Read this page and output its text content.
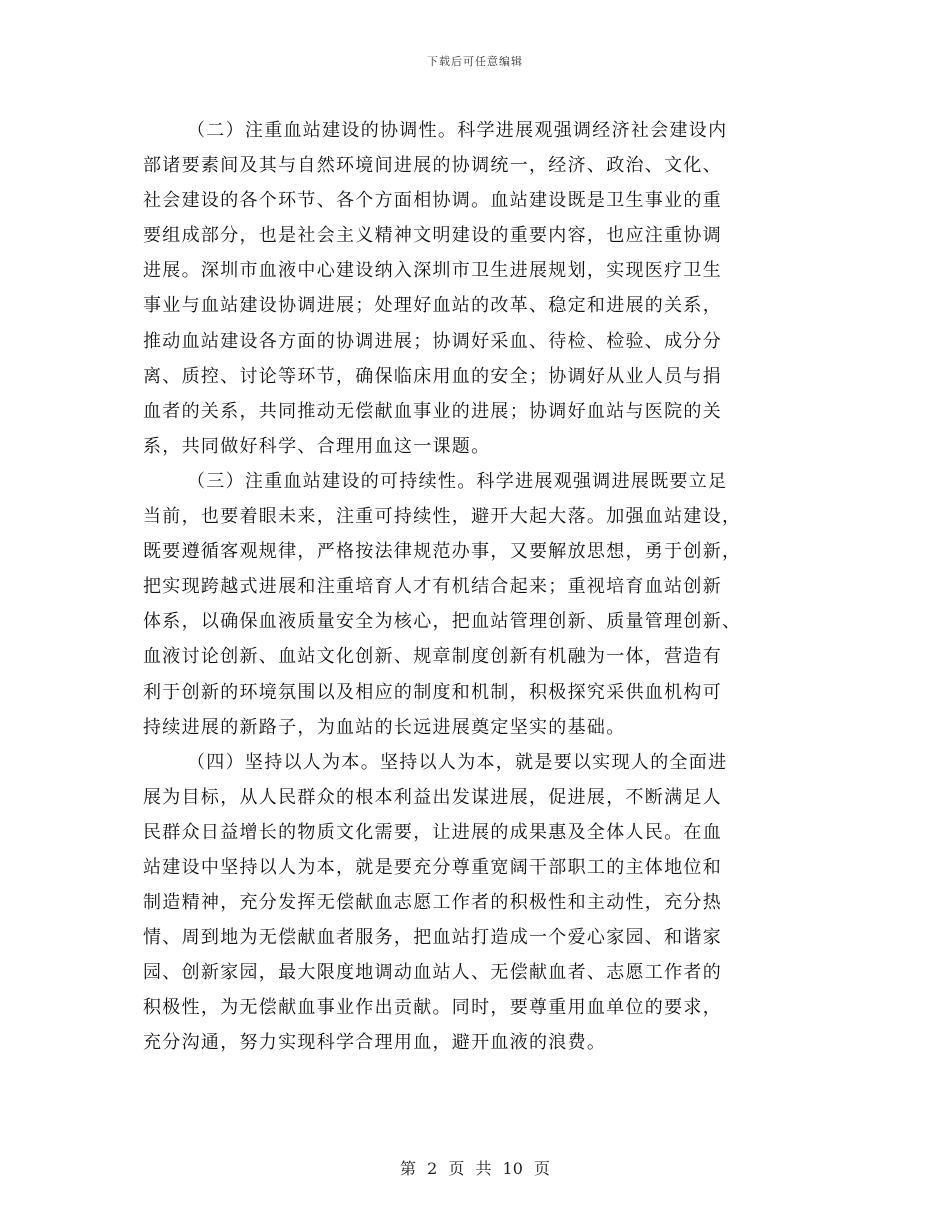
下载后可任意编辑
（二）注重血站建设的协调性。科学进展观强调经济社会建设内
部诸要素间及其与自然环境间进展的协调统一，经济、政治、文化、
社会建设的各个环节、各个方面相协调。血站建设既是卫生事业的重
要组成部分，也是社会主义精神文明建设的重要内容，也应注重协调
进展。深圳市血液中心建设纳入深圳市卫生进展规划，实现医疗卫生
事业与血站建设协调进展；处理好血站的改革、稳定和进展的关系，
推动血站建设各方面的协调进展；协调好采血、待检、检验、成分分
离、质控、讨论等环节，确保临床用血的安全；协调好从业人员与捐
血者的关系，共同推动无偿献血事业的进展；协调好血站与医院的关
系，共同做好科学、合理用血这一课题。
（三）注重血站建设的可持续性。科学进展观强调进展既要立足
当前，也要着眼未来，注重可持续性，避开大起大落。加强血站建设，
既要遵循客观规律，严格按法律规范办事，又要解放思想，勇于创新，
把实现跨越式进展和注重培育人才有机结合起来；重视培育血站创新
体系，以确保血液质量安全为核心，把血站管理创新、质量管理创新、
血液讨论创新、血站文化创新、规章制度创新有机融为一体，营造有
利于创新的环境氛围以及相应的制度和机制，积极探究采供血机构可
持续进展的新路子，为血站的长远进展奠定坚实的基础。
（四）坚持以人为本。坚持以人为本，就是要以实现人的全面进
展为目标，从人民群众的根本利益出发谋进展，促进展，不断满足人
民群众日益增长的物质文化需要，让进展的成果惠及全体人民。在血
站建设中坚持以人为本，就是要充分尊重宽阔干部职工的主体地位和
制造精神，充分发挥无偿献血志愿工作者的积极性和主动性，充分热
情、周到地为无偿献血者服务，把血站打造成一个爱心家园、和谐家
园、创新家园，最大限度地调动血站人、无偿献血者、志愿工作者的
积极性，为无偿献血事业作出贡献。同时，要尊重用血单位的要求，
充分沟通，努力实现科学合理用血，避开血液的浪费。
第 2 页 共 10 页
